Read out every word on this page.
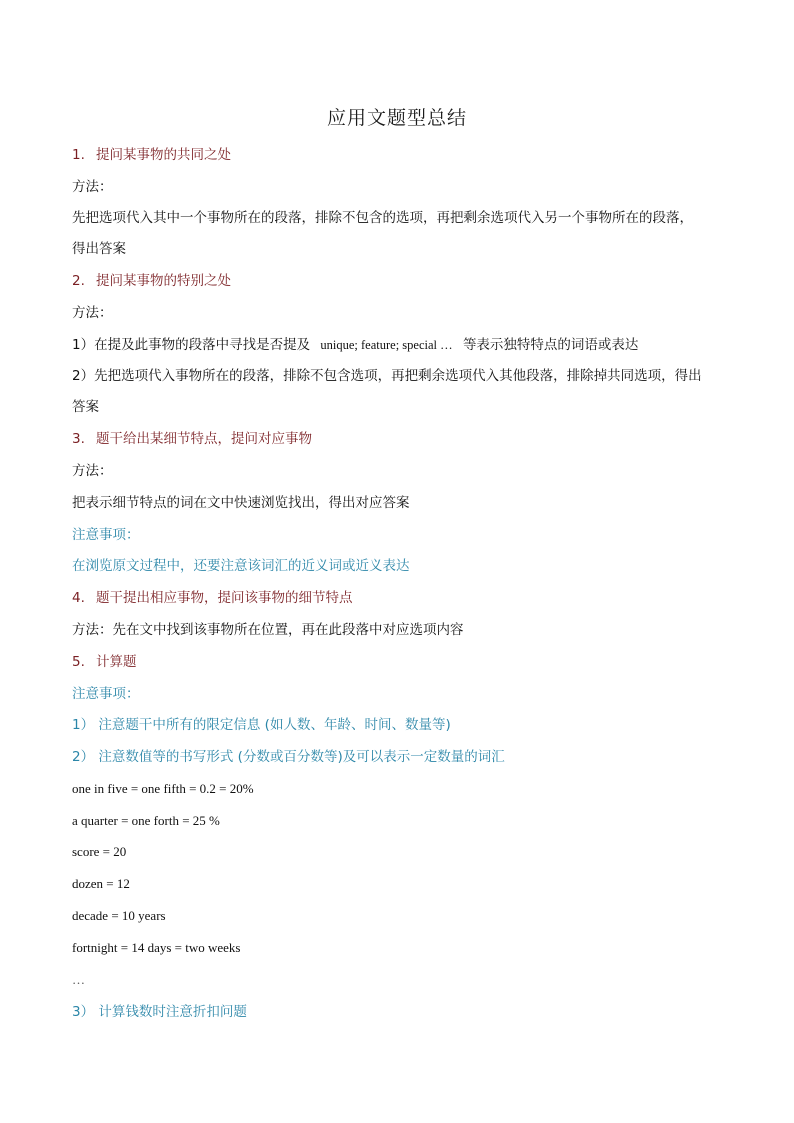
应用文题型总结
1. 提问某事物的共同之处
方法：
先把选项代入其中一个事物所在的段落，排除不包含的选项，再把剩余选项代入另一个事物所在的段落，
得出答案
2. 提问某事物的特别之处
方法：
1）在提及此事物的段落中寻找是否提及 unique; feature; special … 等表示独特特点的词语或表达
2）先把选项代入事物所在的段落，排除不包含选项，再把剩余选项代入其他段落，排除掉共同选项，得出
答案
3. 题干给出某细节特点，提问对应事物
方法：
把表示细节特点的词在文中快速浏览找出，得出对应答案
注意事项：
在浏览原文过程中，还要注意该词汇的近义词或近义表达
4. 题干提出相应事物，提问该事物的细节特点
方法：先在文中找到该事物所在位置，再在此段落中对应选项内容
5. 计算题
注意事项：
1） 注意题干中所有的限定信息 (如人数、年龄、时间、数量等)
2） 注意数值等的书写形式 (分数或百分数等)及可以表示一定数量的词汇
one in five = one fifth = 0.2 = 20%
a quarter = one forth = 25 %
score = 20
dozen = 12
decade = 10 years
fortnight = 14 days = two weeks
…
3） 计算钱数时注意折扣问题
